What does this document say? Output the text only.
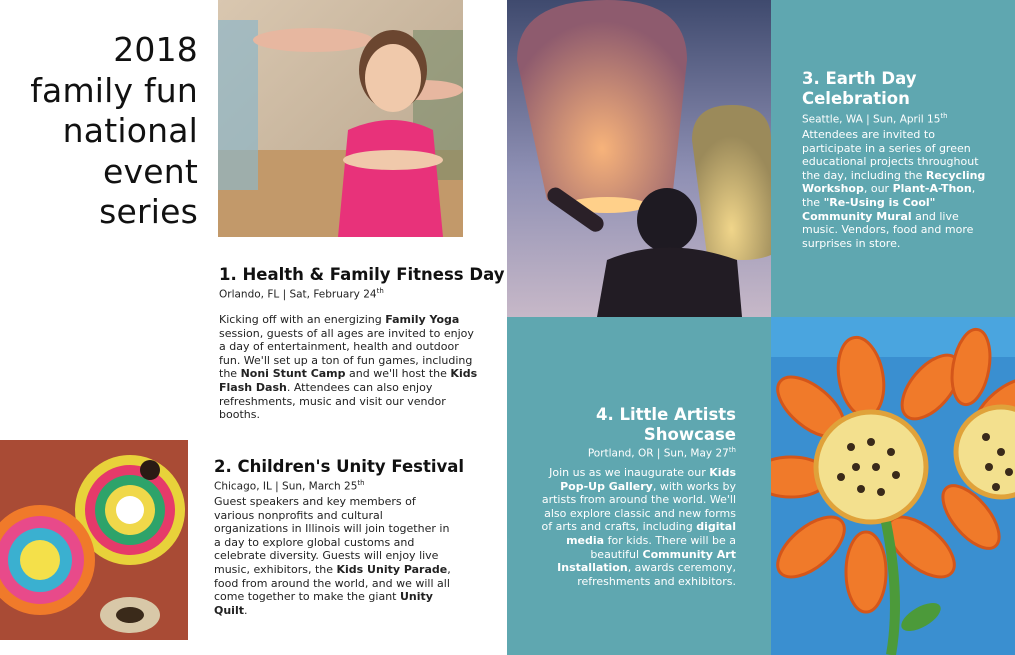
2018
family fun
national
event
series
3. Earth Day
Celebration
Seattle, WA | Sun, April 15th
Attendees are invited to participate in a series of green educational projects throughout the day, including the Recycling Workshop, our Plant-A-Thon, the "Re-Using is Cool" Community Mural and live music. Vendors, food and more surprises in store.
1. Health & Family Fitness Day
Orlando, FL | Sat, February 24th
Kicking off with an energizing Family Yoga session, guests of all ages are invited to enjoy a day of entertainment, health and outdoor fun. We'll set up a ton of fun games, including the Noni Stunt Camp and we'll host the Kids Flash Dash. Attendees can also enjoy refreshments, music and visit our vendor booths.	4. Little Artists
Showcase
Portland, OR | Sun, May 27th
Join us as we inaugurate our Kids Pop-Up Gallery, with works by artists from around the world. We'll also explore classic and new forms of arts and crafts, including digital media for kids. There will be a beautiful Community Art Installation, awards ceremony, refreshments and exhibitors.
2. Children's Unity Festival
Chicago, IL | Sun, March 25th
Guest speakers and key members of various nonprofits and cultural organizations in Illinois will join together in a day to explore global customs and celebrate diversity. Guests will enjoy live music, exhibitors, the Kids Unity Parade, food from around the world, and we will all come together to make the giant Unity Quilt.
